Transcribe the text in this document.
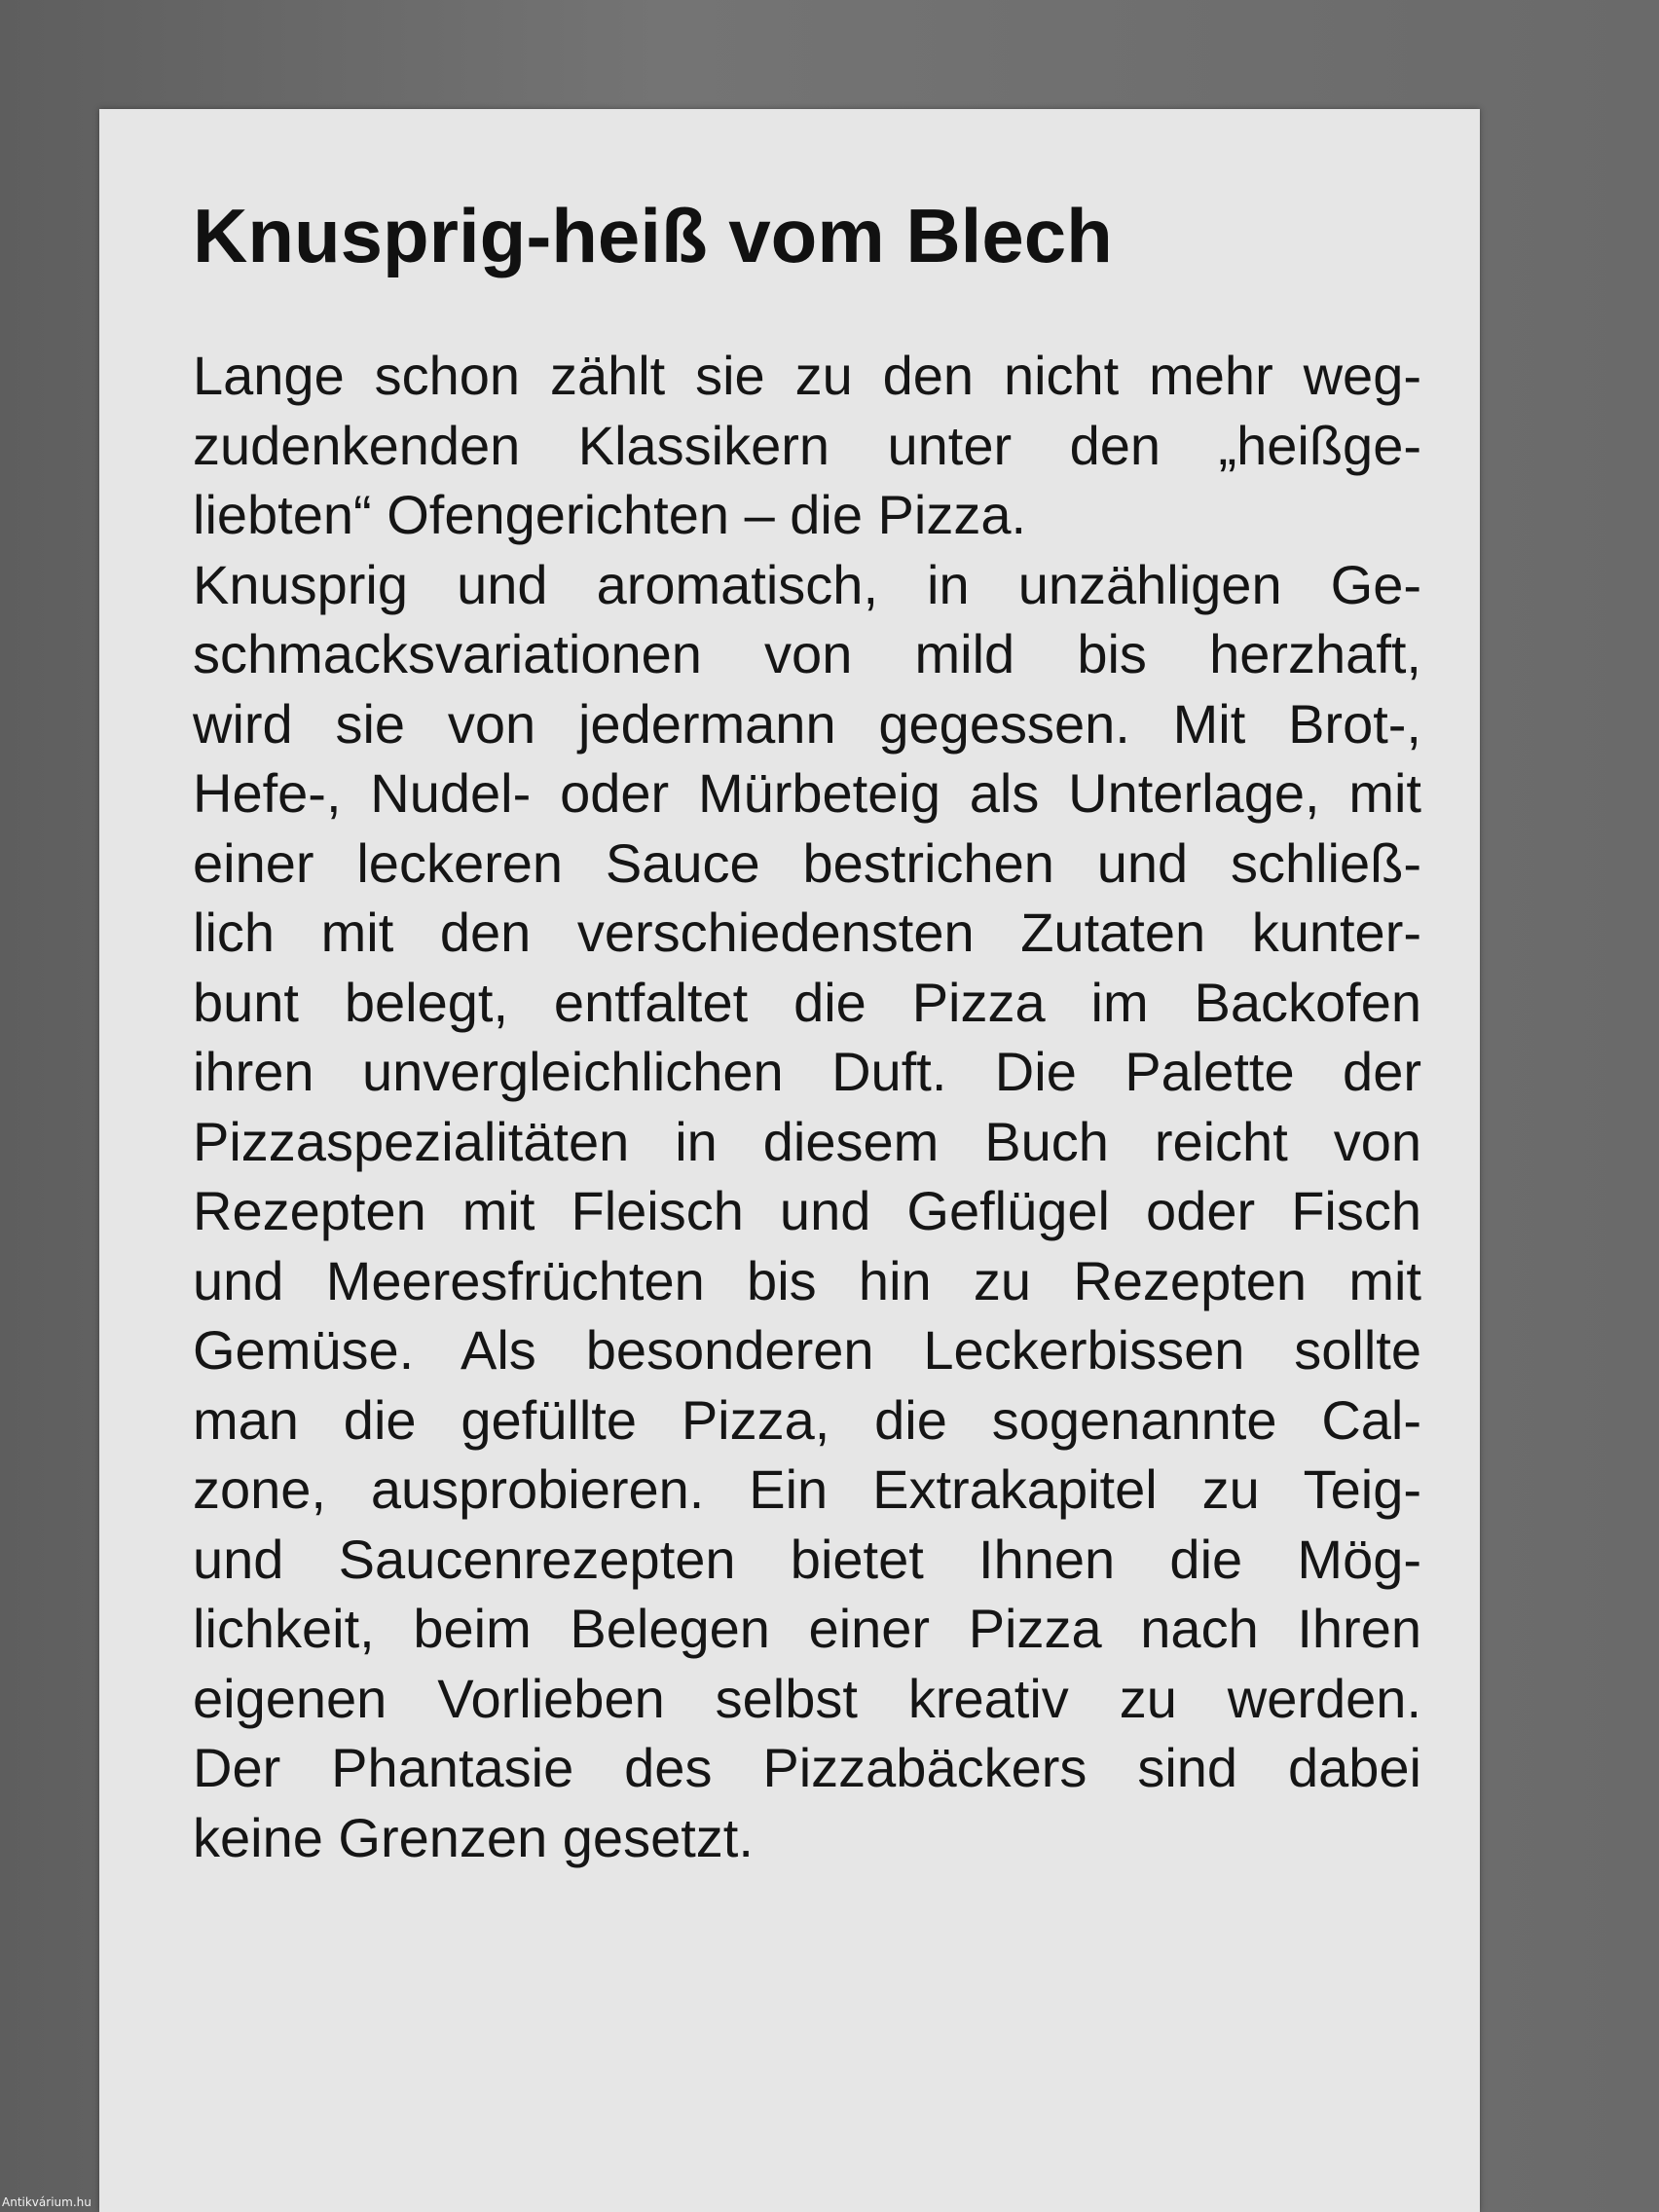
Knusprig-heiß vom Blech
Lange schon zählt sie zu den nicht mehr weg-
zudenkenden Klassikern unter den „heißge-
liebten“ Ofengerichten – die Pizza.
Knusprig und aromatisch, in unzähligen Ge-
schmacksvariationen von mild bis herzhaft,
wird sie von jedermann gegessen. Mit Brot-,
Hefe-, Nudel- oder Mürbeteig als Unterlage, mit
einer leckeren Sauce bestrichen und schließ-
lich mit den verschiedensten Zutaten kunter-
bunt belegt, entfaltet die Pizza im Backofen
ihren unvergleichlichen Duft. Die Palette der
Pizzaspezialitäten in diesem Buch reicht von
Rezepten mit Fleisch und Geflügel oder Fisch
und Meeresfrüchten bis hin zu Rezepten mit
Gemüse. Als besonderen Leckerbissen sollte
man die gefüllte Pizza, die sogenannte Cal-
zone, ausprobieren. Ein Extrakapitel zu Teig-
und Saucenrezepten bietet Ihnen die Mög-
lichkeit, beim Belegen einer Pizza nach Ihren
eigenen Vorlieben selbst kreativ zu werden.
Der Phantasie des Pizzabäckers sind dabei
keine Grenzen gesetzt.
Antikvárium.hu
